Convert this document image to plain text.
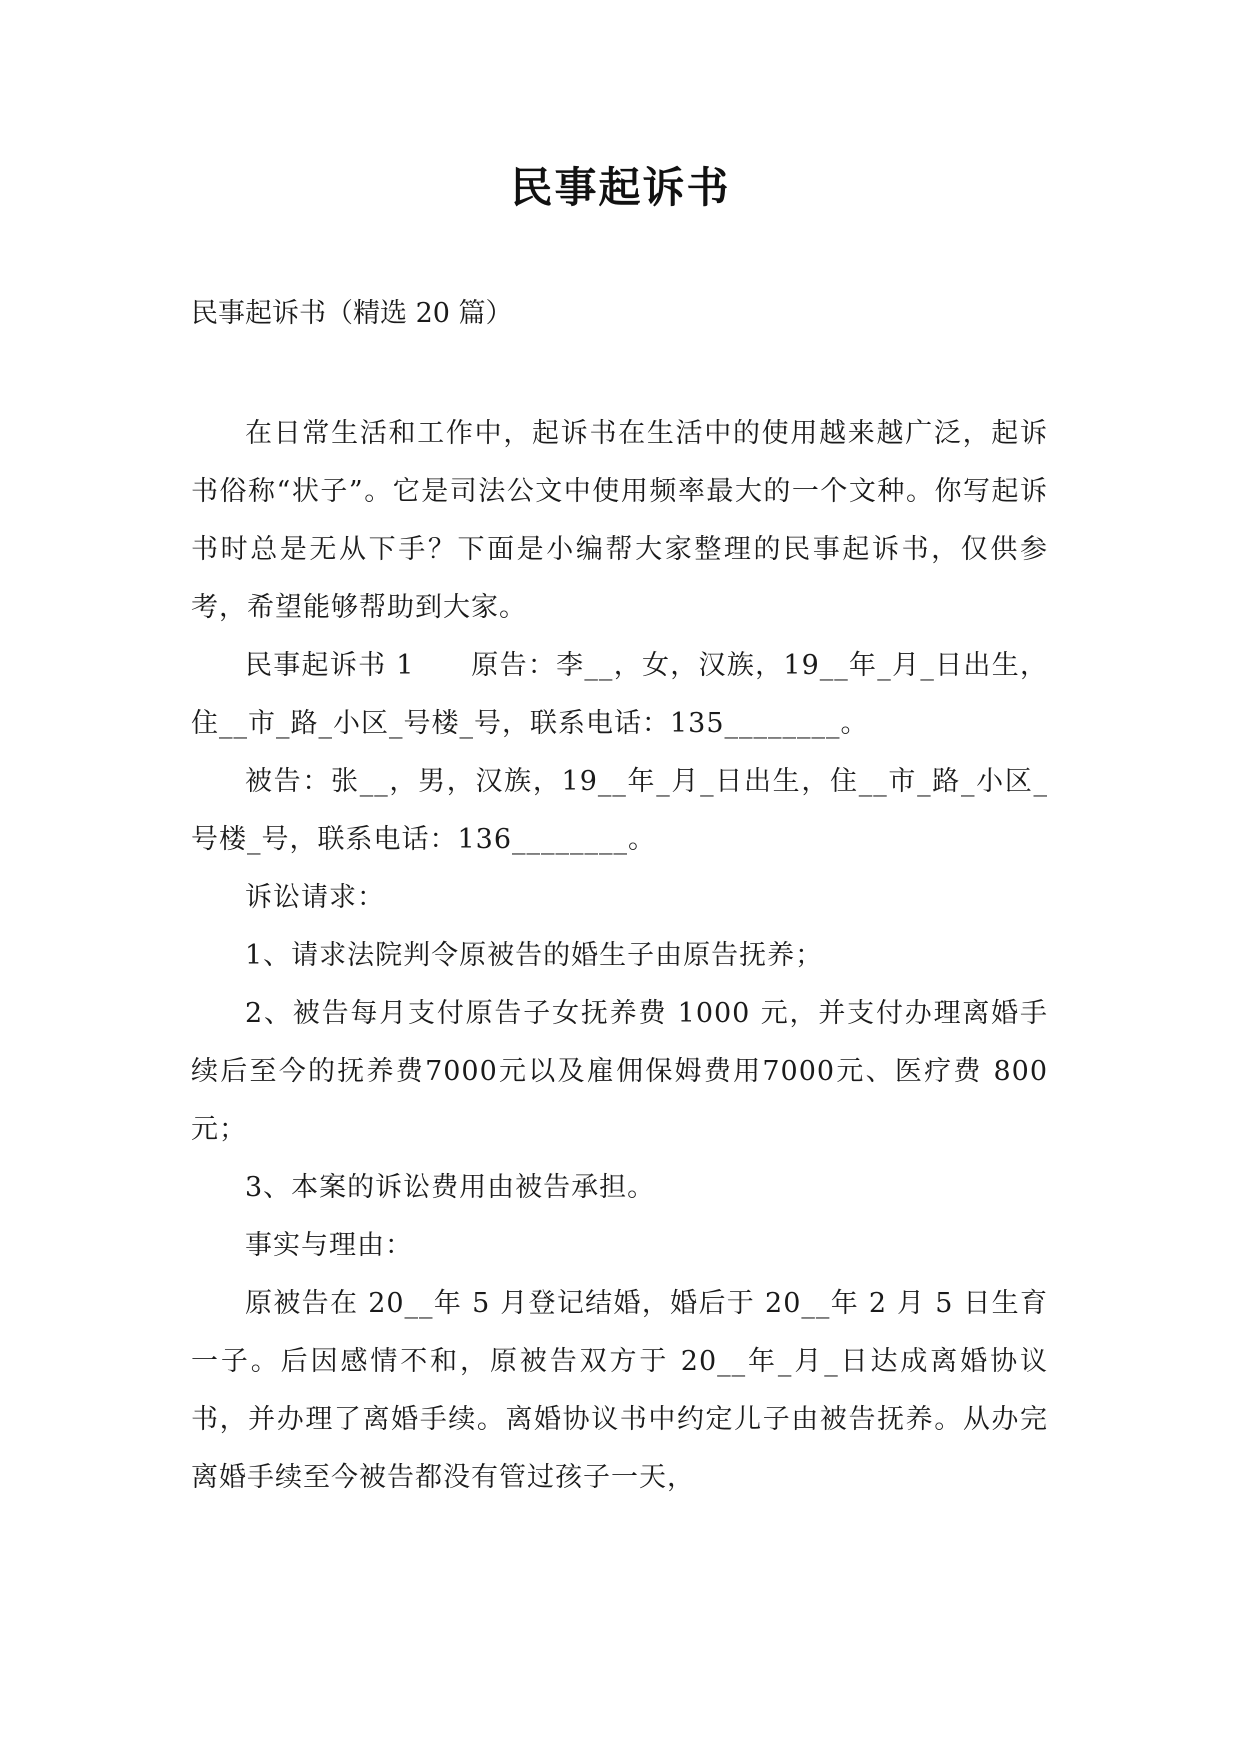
民事起诉书

民事起诉书（精选 20 篇）

在日常生活和工作中，起诉书在生活中的使用越来越广泛，起诉书俗称“状子”。它是司法公文中使用频率最大的一个文种。你写起诉书时总是无从下手？下面是小编帮大家整理的民事起诉书，仅供参考，希望能够帮助到大家。

民事起诉书 1　　原告：李__，女，汉族，19__年_月_日出生，住__市_路_小区_号楼_号，联系电话：135________。

被告：张__，男，汉族，19__年_月_日出生，住__市_路_小区_号楼_号，联系电话：136________。

诉讼请求：

1、请求法院判令原被告的婚生子由原告抚养；

2、被告每月支付原告子女抚养费 1000 元，并支付办理离婚手续后至今的抚养费7000元以及雇佣保姆费用7000元、医疗费 800 元；

3、本案的诉讼费用由被告承担。

事实与理由：

原被告在 20__年 5 月登记结婚，婚后于 20__年 2 月 5 日生育一子。后因感情不和，原被告双方于 20__年_月_日达成离婚协议书，并办理了离婚手续。离婚协议书中约定儿子由被告抚养。从办完离婚手续至今被告都没有管过孩子一天，
